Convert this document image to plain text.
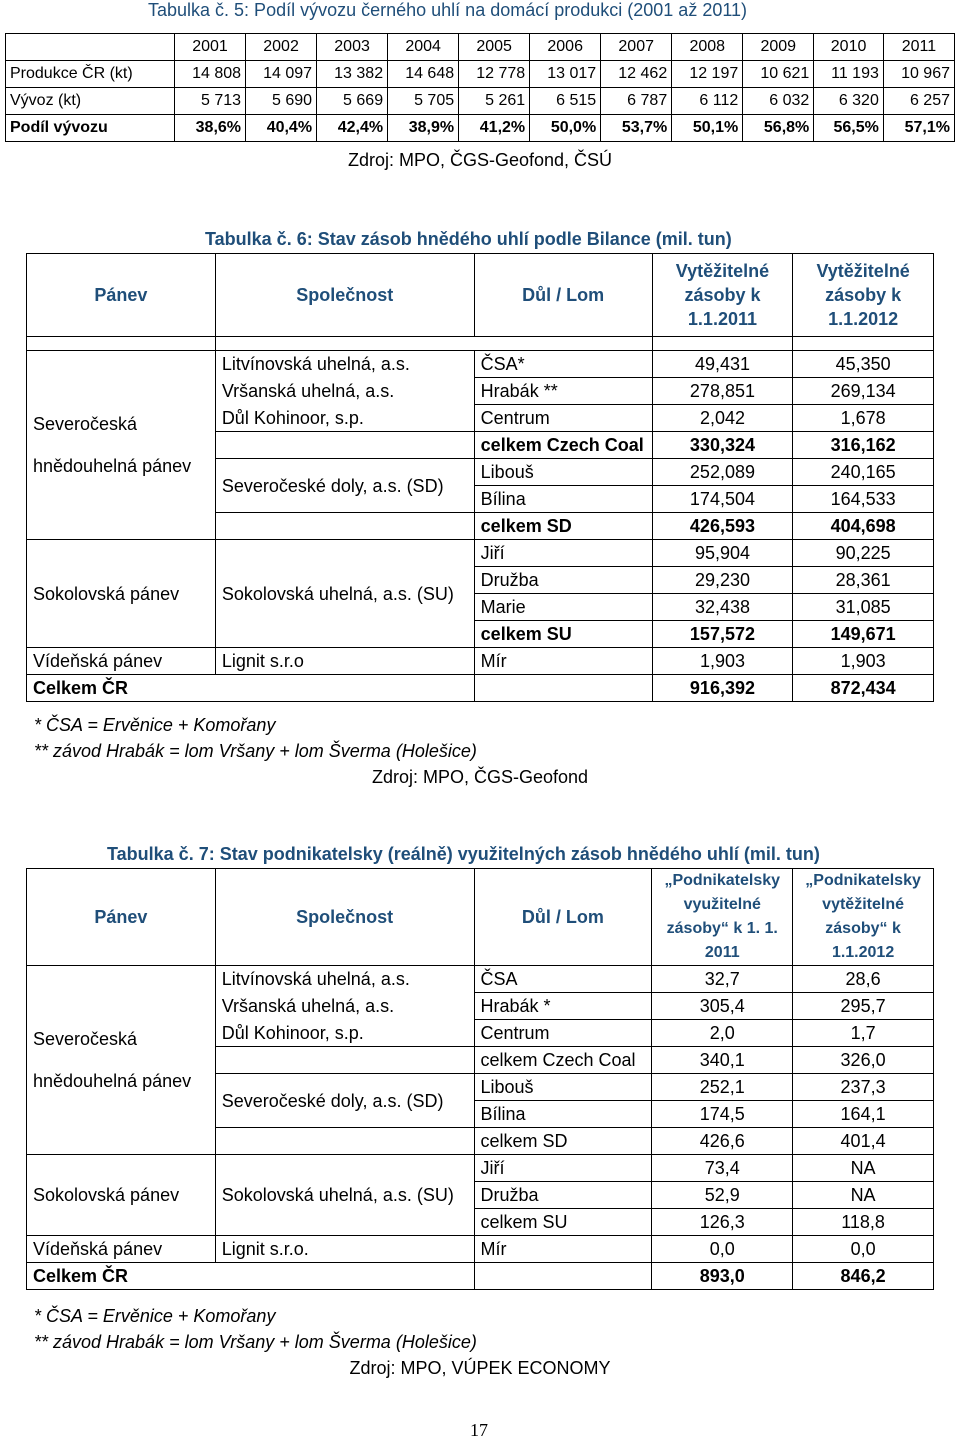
Tabulka č. 5: Podíl vývozu černého uhlí na domácí produkci (2001 až 2011)
	2001	2002	2003	2004	2005	2006	2007	2008	2009	2010	2011
Produkce ČR (kt)	14 808	14 097	13 382	14 648	12 778	13 017	12 462	12 197	10 621	11 193	10 967
Vývoz (kt)	5 713	5 690	5 669	5 705	5 261	6 515	6 787	6 112	6 032	6 320	6 257
Podíl vývozu	38,6%	40,4%	42,4%	38,9%	41,2%	50,0%	53,7%	50,1%	56,8%	56,5%	57,1%
Zdroj: MPO, ČGS-Geofond, ČSÚ
Tabulka č. 6: Stav zásob hnědého uhlí podle Bilance (mil. tun)
Pánev	Společnost	Důl / Lom	Vytěžitelné zásoby k 1.1.2011	Vytěžitelné zásoby k 1.1.2012

Severočeská
hnědouhelná pánev	Litvínovská uhelná, a.s.	ČSA*	49,431	45,350
	Vršanská uhelná, a.s.	Hrabák **	278,851	269,134
	Důl Kohinoor, s.p.	Centrum	2,042	1,678
		celkem Czech Coal	330,324	316,162
	Severočeské doly, a.s. (SD)	Libouš	252,089	240,165
		Bílina	174,504	164,533
		celkem SD	426,593	404,698
Sokolovská pánev	Sokolovská uhelná, a.s. (SU)	Jiří	95,904	90,225
		Družba	29,230	28,361
		Marie	32,438	31,085
		celkem SU	157,572	149,671
Vídeňská pánev	Lignit s.r.o	Mír	1,903	1,903
Celkem ČR			916,392	872,434
* ČSA = Ervěnice + Komořany
** závod Hrabák = lom Vršany + lom Šverma (Holešice)
Zdroj: MPO, ČGS-Geofond
Tabulka č. 7: Stav podnikatelsky (reálně) využitelných zásob hnědého uhlí (mil. tun)
Pánev	Společnost	Důl / Lom	„Podnikatelsky využitelné zásoby“ k 1. 1. 2011	„Podnikatelsky vytěžitelné zásoby“ k 1.1.2012
Severočeská
hnědouhelná pánev	Litvínovská uhelná, a.s.	ČSA	32,7	28,6
	Vršanská uhelná, a.s.	Hrabák *	305,4	295,7
	Důl Kohinoor, s.p.	Centrum	2,0	1,7
		celkem Czech Coal	340,1	326,0
	Severočeské doly, a.s. (SD)	Libouš	252,1	237,3
		Bílina	174,5	164,1
		celkem SD	426,6	401,4
Sokolovská pánev	Sokolovská uhelná, a.s. (SU)	Jiří	73,4	NA
		Družba	52,9	NA
		celkem SU	126,3	118,8
Vídeňská pánev	Lignit s.r.o.	Mír	0,0	0,0
Celkem ČR			893,0	846,2
* ČSA = Ervěnice + Komořany
** závod Hrabák = lom Vršany + lom Šverma (Holešice)
Zdroj: MPO, VÚPEK ECONOMY
17
